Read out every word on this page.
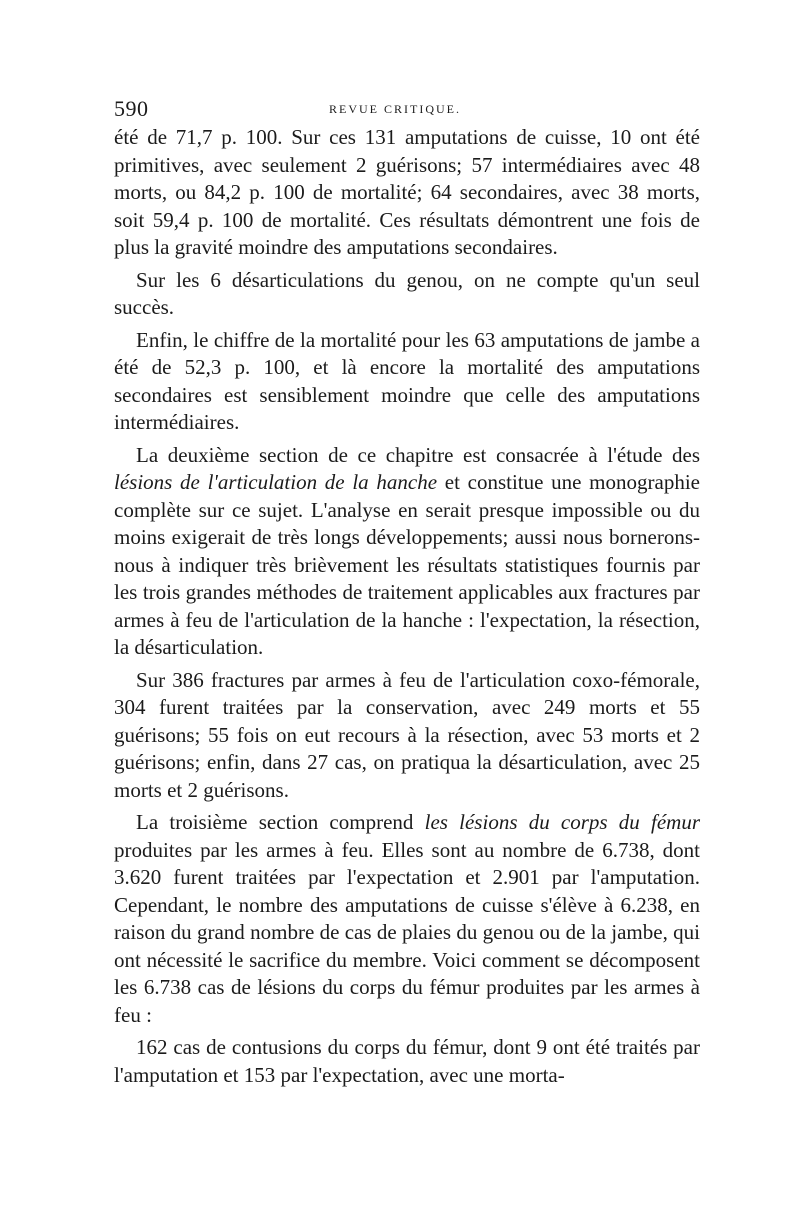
590	REVUE CRITIQUE.

été de 71,7 p. 100. Sur ces 131 amputations de cuisse, 10 ont été primitives, avec seulement 2 guérisons; 57 intermédiaires avec 48 morts, ou 84,2 p. 100 de mortalité; 64 secondaires, avec 38 morts, soit 59,4 p. 100 de mortalité. Ces résultats démontrent une fois de plus la gravité moindre des amputations secondaires.

Sur les 6 désarticulations du genou, on ne compte qu'un seul succès.

Enfin, le chiffre de la mortalité pour les 63 amputations de jambe a été de 52,3 p. 100, et là encore la mortalité des amputations secondaires est sensiblement moindre que celle des amputations intermédiaires.

La deuxième section de ce chapitre est consacrée à l'étude des lésions de l'articulation de la hanche et constitue une monographie complète sur ce sujet. L'analyse en serait presque impossible ou du moins exigerait de très longs développements; aussi nous bornerons-nous à indiquer très brièvement les résultats statistiques fournis par les trois grandes méthodes de traitement applicables aux fractures par armes à feu de l'articulation de la hanche : l'expectation, la résection, la désarticulation.

Sur 386 fractures par armes à feu de l'articulation coxo-fémorale, 304 furent traitées par la conservation, avec 249 morts et 55 guérisons; 55 fois on eut recours à la résection, avec 53 morts et 2 guérisons; enfin, dans 27 cas, on pratiqua la désarticulation, avec 25 morts et 2 guérisons.

La troisième section comprend les lésions du corps du fémur produites par les armes à feu. Elles sont au nombre de 6.738, dont 3.620 furent traitées par l'expectation et 2.901 par l'amputation. Cependant, le nombre des amputations de cuisse s'élève à 6.238, en raison du grand nombre de cas de plaies du genou ou de la jambe, qui ont nécessité le sacrifice du membre. Voici comment se décomposent les 6.738 cas de lésions du corps du fémur produites par les armes à feu :

162 cas de contusions du corps du fémur, dont 9 ont été traités par l'amputation et 153 par l'expectation, avec une morta-
